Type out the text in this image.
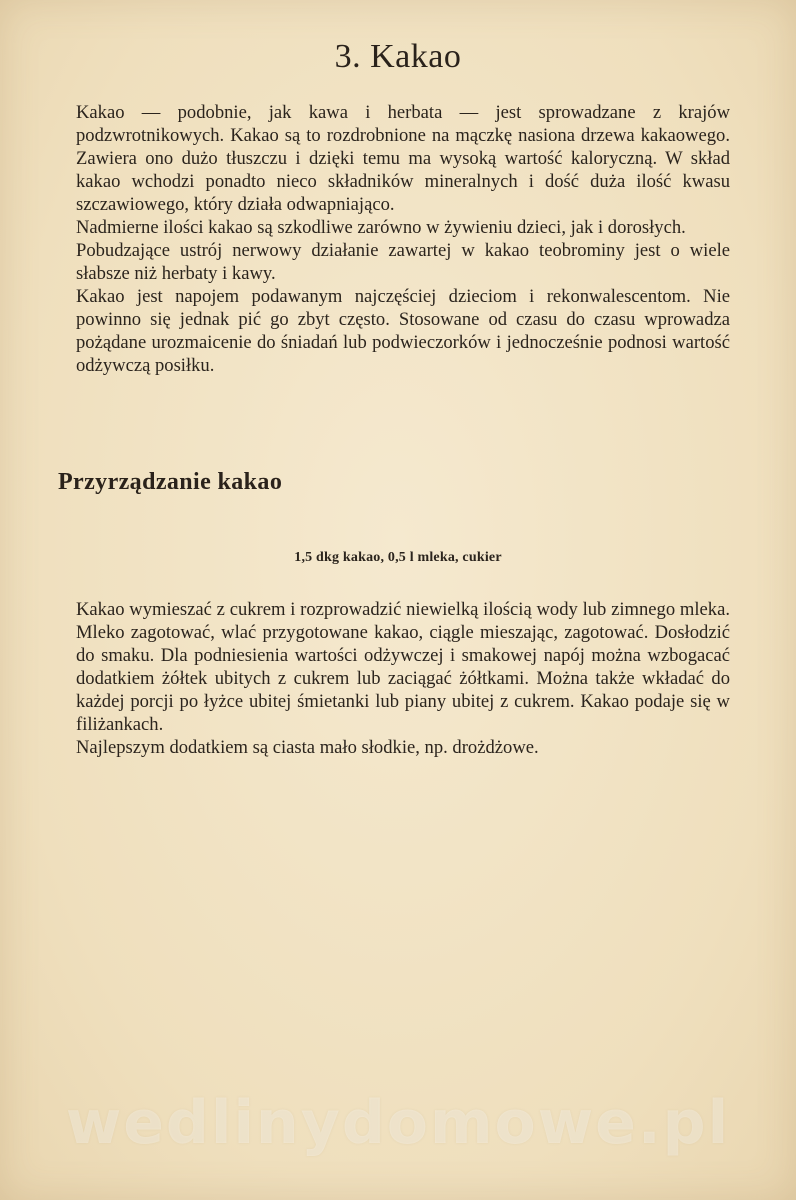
3. Kakao

Kakao — podobnie, jak kawa i herbata — jest sprowadzane z krajów podzwrotnikowych. Kakao są to rozdrobnione na mączkę nasiona drzewa kakaowego. Zawiera ono dużo tłuszczu i dzięki temu ma wysoką wartość kaloryczną. W skład kakao wchodzi ponadto nieco składników mineralnych i dość duża ilość kwasu szczawiowego, który działa odwapniająco.

Nadmierne ilości kakao są szkodliwe zarówno w żywieniu dzieci, jak i dorosłych.

Pobudzające ustrój nerwowy działanie zawartej w kakao teobrominy jest o wiele słabsze niż herbaty i kawy.

Kakao jest napojem podawanym najczęściej dzieciom i rekonwalescentom. Nie powinno się jednak pić go zbyt często. Stosowane od czasu do czasu wprowadza pożądane urozmaicenie do śniadań lub podwieczorków i jednocześnie podnosi wartość odżywczą posiłku.

Przyrządzanie kakao
1,5 dkg kakao, 0,5 l mleka, cukier

Kakao wymieszać z cukrem i rozprowadzić niewielką ilością wody lub zimnego mleka. Mleko zagotować, wlać przygotowane kakao, ciągle mieszając, zagotować. Dosłodzić do smaku. Dla podniesienia wartości odżywczej i smakowej napój można wzbogacać dodatkiem żółtek ubitych z cukrem lub zaciągać żółtkami. Można także wkładać do każdej porcji po łyżce ubitej śmietanki lub piany ubitej z cukrem. Kakao podaje się w filiżankach.

Najlepszym dodatkiem są ciasta mało słodkie, np. drożdżowe.

wedlinydomowe.pl
